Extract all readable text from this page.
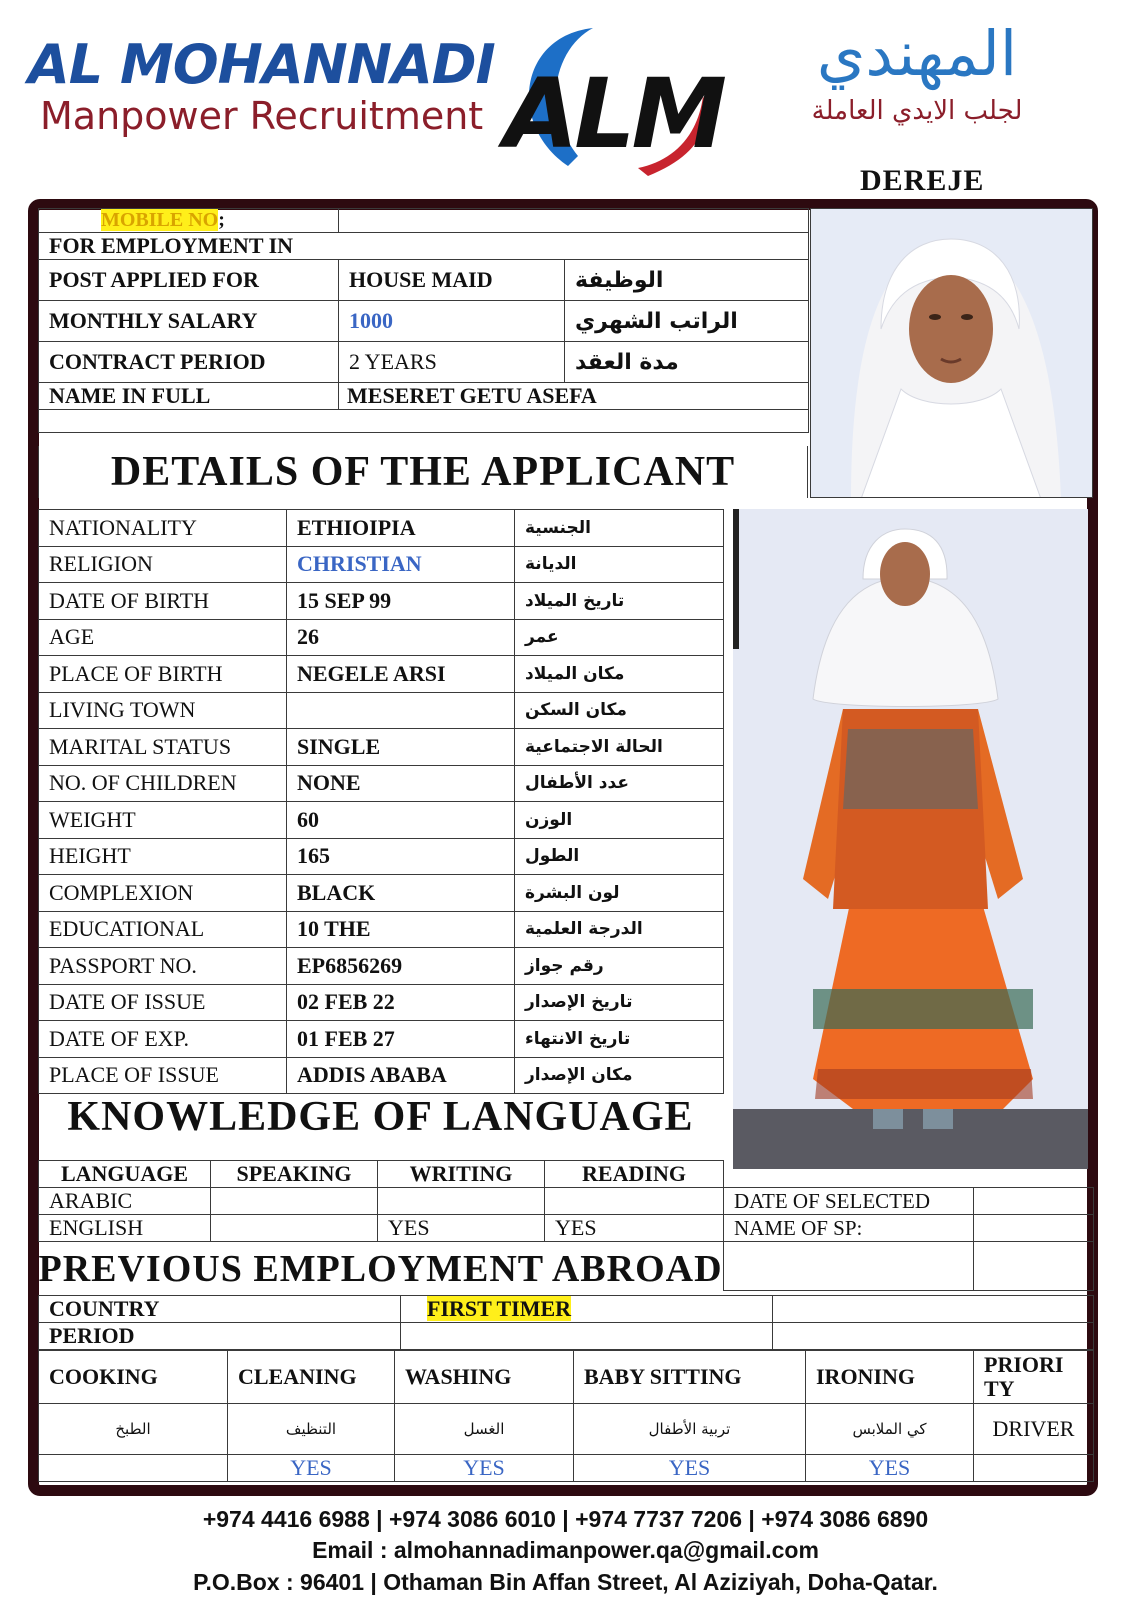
AL MOHANNADI
Manpower Recruitment ALM
المهندي
لجلب الايدي العاملة
DEREJE
MOBILE NO;		
FOR EMPLOYMENT IN		
POST APPLIED FOR	HOUSE MAID	الوظيفة
MONTHLY SALARY	1000	الراتب الشهري
CONTRACT PERIOD	2 YEARS	مدة العقد
NAME IN FULL	MESERET GETU ASEFA	

DETAILS OF THE APPLICANT
NATIONALITY	ETHIOIPIA	الجنسية
RELIGION	CHRISTIAN	الديانة
DATE OF BIRTH	15 SEP 99	تاريخ الميلاد
AGE	26	عمر
PLACE OF BIRTH	NEGELE ARSI	مكان الميلاد
LIVING TOWN		مكان السكن
MARITAL STATUS	SINGLE	الحالة الاجتماعية
NO. OF CHILDREN	NONE	عدد الأطفال
WEIGHT	60	الوزن
HEIGHT	165	الطول
COMPLEXION	BLACK	لون البشرة
EDUCATIONAL	10 THE	الدرجة العلمية
PASSPORT NO.	EP6856269	رقم جواز
DATE OF ISSUE	02 FEB 22	تاريخ الإصدار
DATE OF EXP.	01 FEB 27	تاريخ الانتهاء
PLACE OF ISSUE	ADDIS ABABA	مكان الإصدار
KNOWLEDGE OF LANGUAGE
LANGUAGE	SPEAKING	WRITING	READING
ARABIC			
ENGLISH		YES	YES
DATE OF SELECTED	
NAME OF SP:	

PREVIOUS EMPLOYMENT ABROAD
COUNTRY	FIRST TIMER	
PERIOD		
COOKING	CLEANING	WASHING	BABY SITTING	IRONING	PRIORI TY
الطبخ	التنظيف	الغسل	تربية الأطفال	كي الملابس	DRIVER
	YES	YES	YES	YES	
+974 4416 6988 | +974 3086 6010 | +974 7737 7206 | +974 3086 6890
Email : almohannadimanpower.qa@gmail.com
P.O.Box : 96401 | Othaman Bin Affan Street, Al Aziziyah, Doha-Qatar.
